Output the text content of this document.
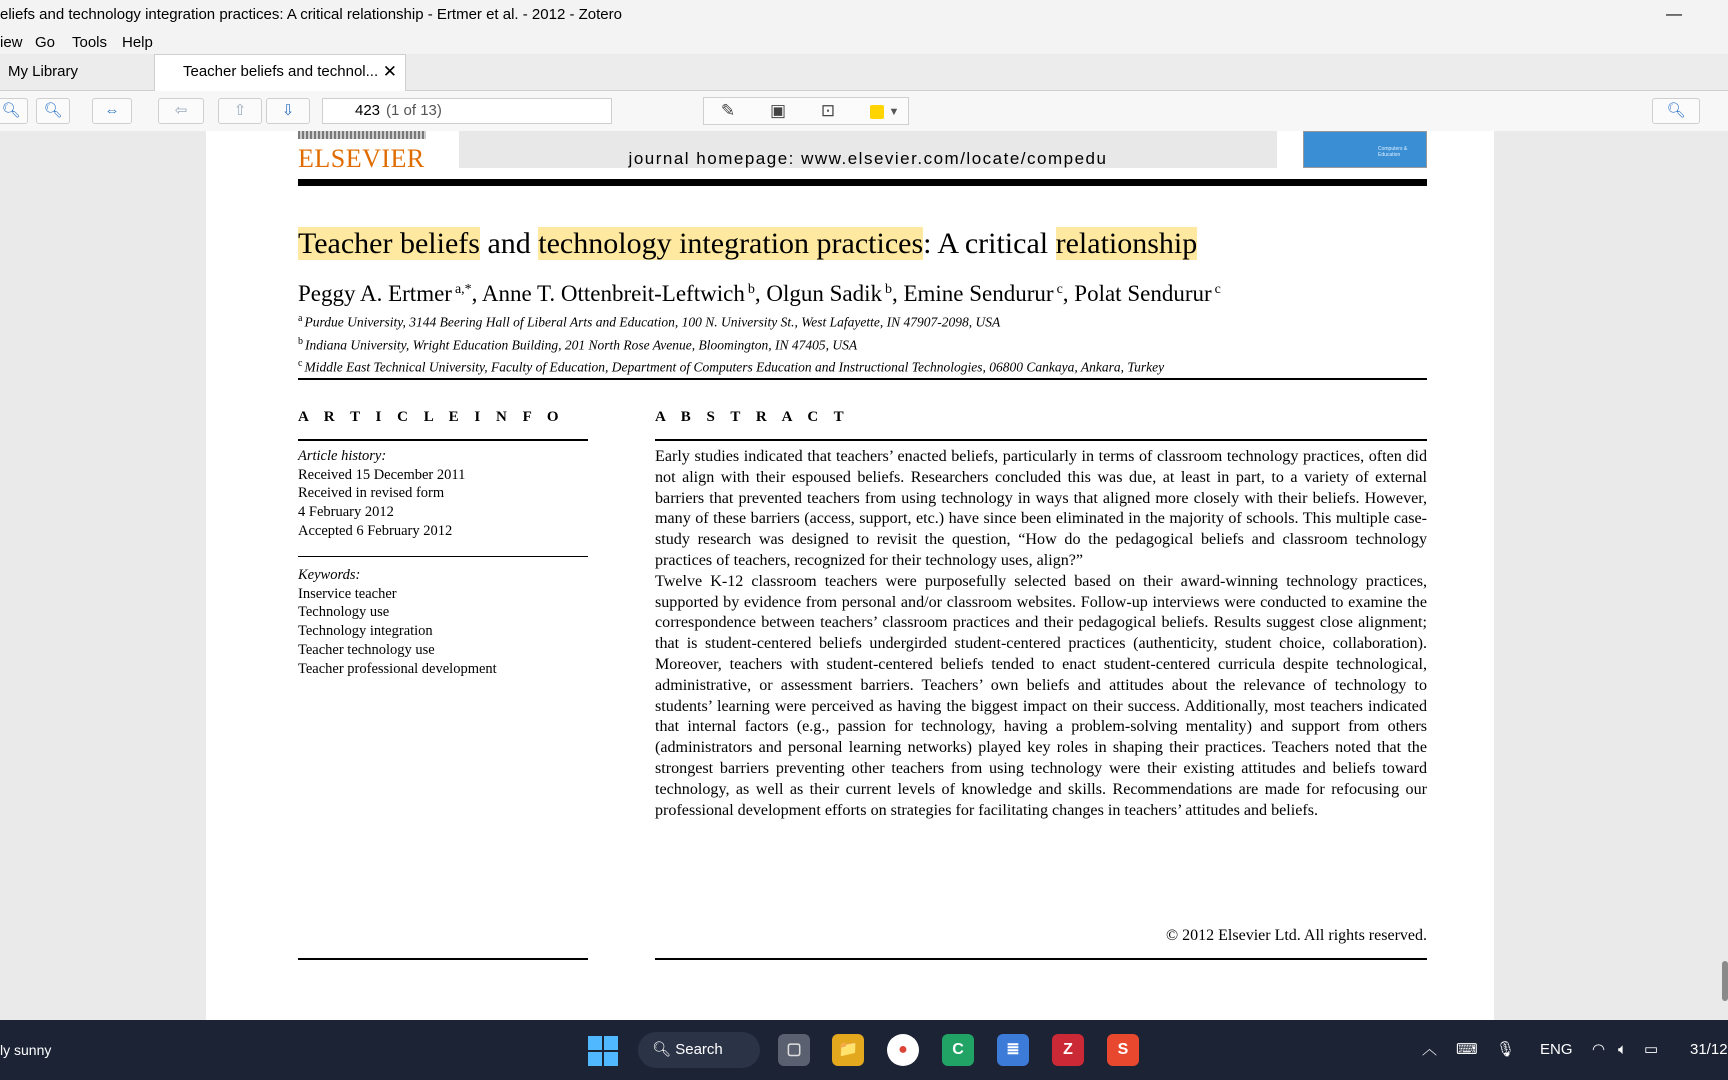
eliefs and technology integration practices: A critical relationship - Ertmer et al. - 2012 - Zotero	—
iew Go Tools Help
My Library	Teacher beliefs and technol... ✕
🔍︎	🔍︎	⇔	⇦	⇧	⇩	423 (1 of 13)	✎	▣	⊡	▼	🔍︎
ELSEVIER	journal homepage: www.elsevier.com/locate/compedu	Computers & Education
Teacher beliefs and technology integration practices: A critical relationship
Peggy A. Ertmer $^{a,*}$, Anne T. Ottenbreit-Leftwich $^b$, Olgun Sadik $^b$, Emine Sendurur $^c$, Polat Sendurur $^c$
$^a$ Purdue University, 3144 Beering Hall of Liberal Arts and Education, 100 N. University St., West Lafayette, IN 47907-2098, USA
$^b$ Indiana University, Wright Education Building, 201 North Rose Avenue, Bloomington, IN 47405, USA
$^c$ Middle East Technical University, Faculty of Education, Department of Computers Education and Instructional Technologies, 06800 Cankaya, Ankara, Turkey
A R T I C L E I N F O	A B S T R A C T
Article history:
Received 15 December 2011
Received in revised form
4 February 2012
Accepted 6 February 2012
Keywords:
Inservice teacher
Technology use
Technology integration
Teacher technology use
Teacher professional development

Early studies indicated that teachers’ enacted beliefs, particularly in terms of classroom technology practices, often did not align with their espoused beliefs. Researchers concluded this was due, at least in part, to a variety of external barriers that prevented teachers from using technology in ways that aligned more closely with their beliefs. However, many of these barriers (access, support, etc.) have since been eliminated in the majority of schools. This multiple case-study research was designed to revisit the question, “How do the pedagogical beliefs and classroom technology practices of teachers, recognized for their technology uses, align?”

Twelve K-12 classroom teachers were purposefully selected based on their award-winning technology practices, supported by evidence from personal and/or classroom websites. Follow-up interviews were conducted to examine the correspondence between teachers’ classroom practices and their pedagogical beliefs. Results suggest close alignment; that is student-centered beliefs undergirded student-centered practices (authenticity, student choice, collaboration). Moreover, teachers with student-centered beliefs tended to enact student-centered curricula despite technological, administrative, or assessment barriers. Teachers’ own beliefs and attitudes about the relevance of technology to students’ learning were perceived as having the biggest impact on their success. Additionally, most teachers indicated that internal factors (e.g., passion for technology, having a problem-solving mentality) and support from others (administrators and personal learning networks) played key roles in shaping their practices. Teachers noted that the strongest barriers preventing other teachers from using technology were their existing attitudes and beliefs toward technology, as well as their current levels of knowledge and skills. Recommendations are made for refocusing our professional development efforts on strategies for facilitating changes in teachers’ attitudes and beliefs.

© 2012 Elsevier Ltd. All rights reserved.
ly sunny	🔍︎ Search	▢	📁	●	C	≣	Z	S	︿ ⌨ 🎙︎ ENG ◠ 🔈︎ ▭ 31/12
